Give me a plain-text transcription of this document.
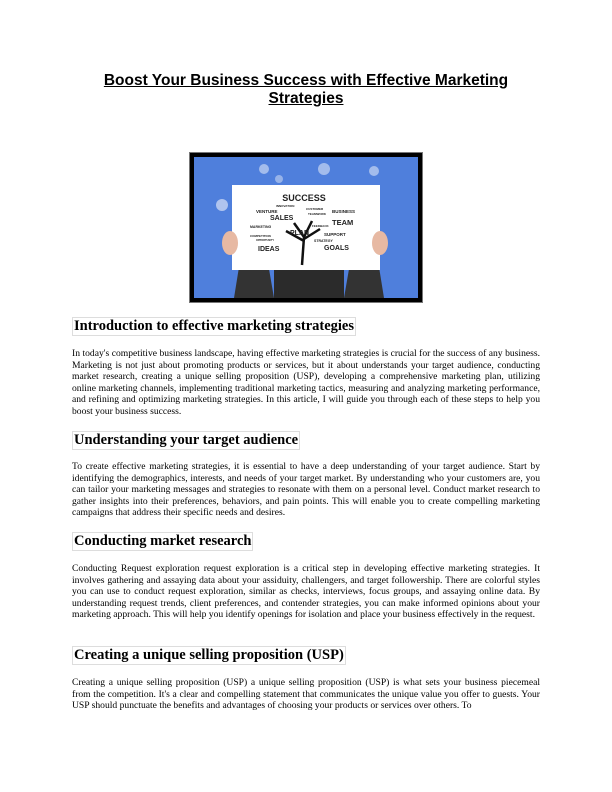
Boost Your Business Success with Effective Marketing Strategies
SUCCESS
VENTURE
SALES
BUSINESS
TEAM
MARKETING
PLAN	SUPPORT
COMPETITION
IDEAS
STRATEGY
GOALS
INNOVATION
CUSTOMER
TEAMWORK
FEEDBACK
OPPORTUNITY
Introduction to effective marketing strategies
In today's competitive business landscape, having effective marketing strategies is crucial for the success of any business. Marketing is not just about promoting products or services, but it about understands your target audience, conducting market research, creating a unique selling proposition (USP), developing a comprehensive marketing plan, utilizing online marketing channels, implementing traditional marketing tactics, measuring and analyzing marketing performance, and refining and optimizing marketing strategies. In this article, I will guide you through each of these steps to help you boost your business success.
Understanding your target audience
To create effective marketing strategies, it is essential to have a deep understanding of your target audience. Start by identifying the demographics, interests, and needs of your target market. By understanding who your customers are, you can tailor your marketing messages and strategies to resonate with them on a personal level. Conduct market research to gather insights into their preferences, behaviors, and pain points. This will enable you to create compelling marketing campaigns that address their specific needs and desires.
Conducting market research
Conducting Request exploration request exploration is a critical step in developing effective marketing strategies. It involves gathering and assaying data about your assiduity, challengers, and target followership. There are colorful styles you can use to conduct request exploration, similar as checks, interviews, focus groups, and assaying online data. By understanding request trends, client preferences, and contender strategies, you can make informed opinions about your marketing approach. This will help you identify openings for isolation and place your business effectively in the request.
Creating a unique selling proposition (USP)
Creating a unique selling proposition (USP) a unique selling proposition (USP) is what sets your business piecemeal from the competition. It's a clear and compelling statement that communicates the unique value you offer to guests. Your USP should punctuate the benefits and advantages of choosing your products or services over others. To
